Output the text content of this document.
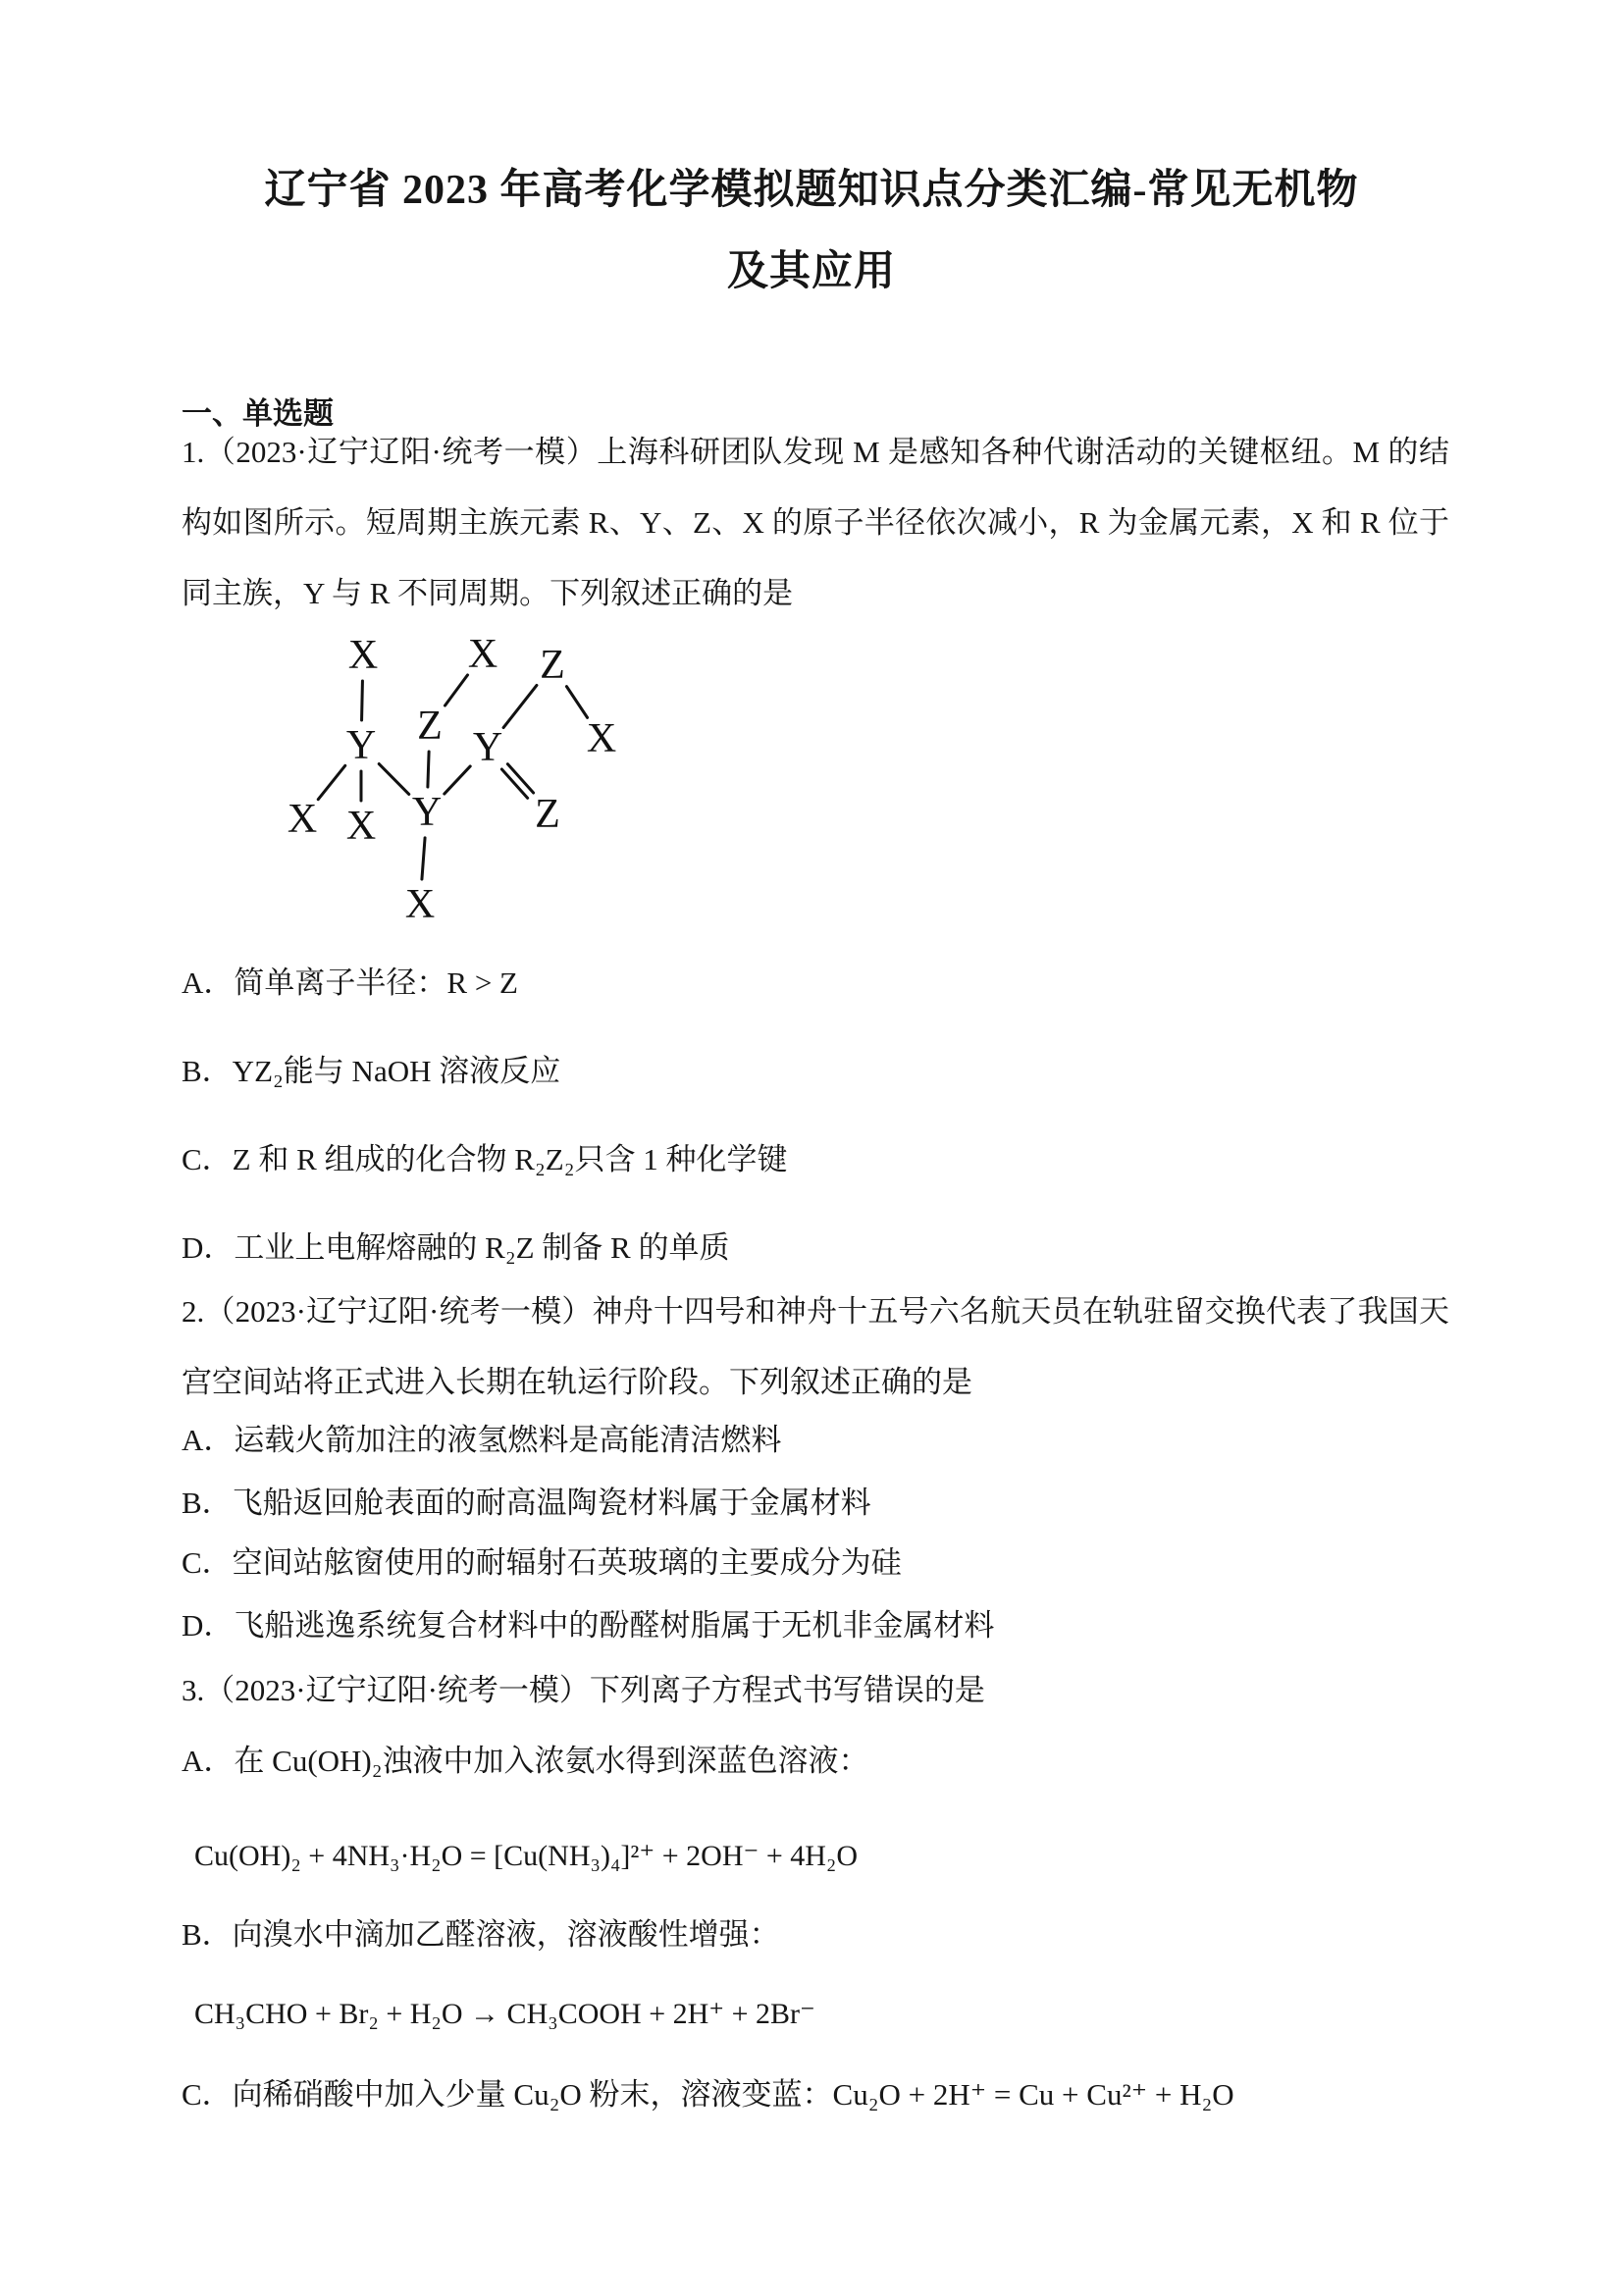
辽宁省 2023 年高考化学模拟题知识点分类汇编-常见无机物
及其应用
一、单选题
1.（2023·辽宁辽阳·统考一模）上海科研团队发现 M 是感知各种代谢活动的关键枢纽。M 的结构如图所示。短周期主族元素 R、Y、Z、X 的原子半径依次减小，R 为金属元素，X 和 R 位于同主族，Y 与 R 不同周期。下列叙述正确的是
X X Z
Z
Y Y X
X X Y Z
X
A．简单离子半径：R > Z
B．YZ₂能与 NaOH 溶液反应
C．Z 和 R 组成的化合物 R₂Z₂只含 1 种化学键
D．工业上电解熔融的 R₂Z 制备 R 的单质
2.（2023·辽宁辽阳·统考一模）神舟十四号和神舟十五号六名航天员在轨驻留交换代表了我国天宫空间站将正式进入长期在轨运行阶段。下列叙述正确的是
A．运载火箭加注的液氢燃料是高能清洁燃料
B．飞船返回舱表面的耐高温陶瓷材料属于金属材料
C．空间站舷窗使用的耐辐射石英玻璃的主要成分为硅
D．飞船逃逸系统复合材料中的酚醛树脂属于无机非金属材料
3.（2023·辽宁辽阳·统考一模）下列离子方程式书写错误的是
A．在 Cu(OH)₂浊液中加入浓氨水得到深蓝色溶液：
Cu(OH)₂ + 4NH₃·H₂O = [Cu(NH₃)₄]²⁺ + 2OH⁻ + 4H₂O
B．向溴水中滴加乙醛溶液，溶液酸性增强：
CH₃CHO + Br₂ + H₂O → CH₃COOH + 2H⁺ + 2Br⁻
C．向稀硝酸中加入少量 Cu₂O 粉末，溶液变蓝：Cu₂O + 2H⁺ = Cu + Cu²⁺ + H₂O
